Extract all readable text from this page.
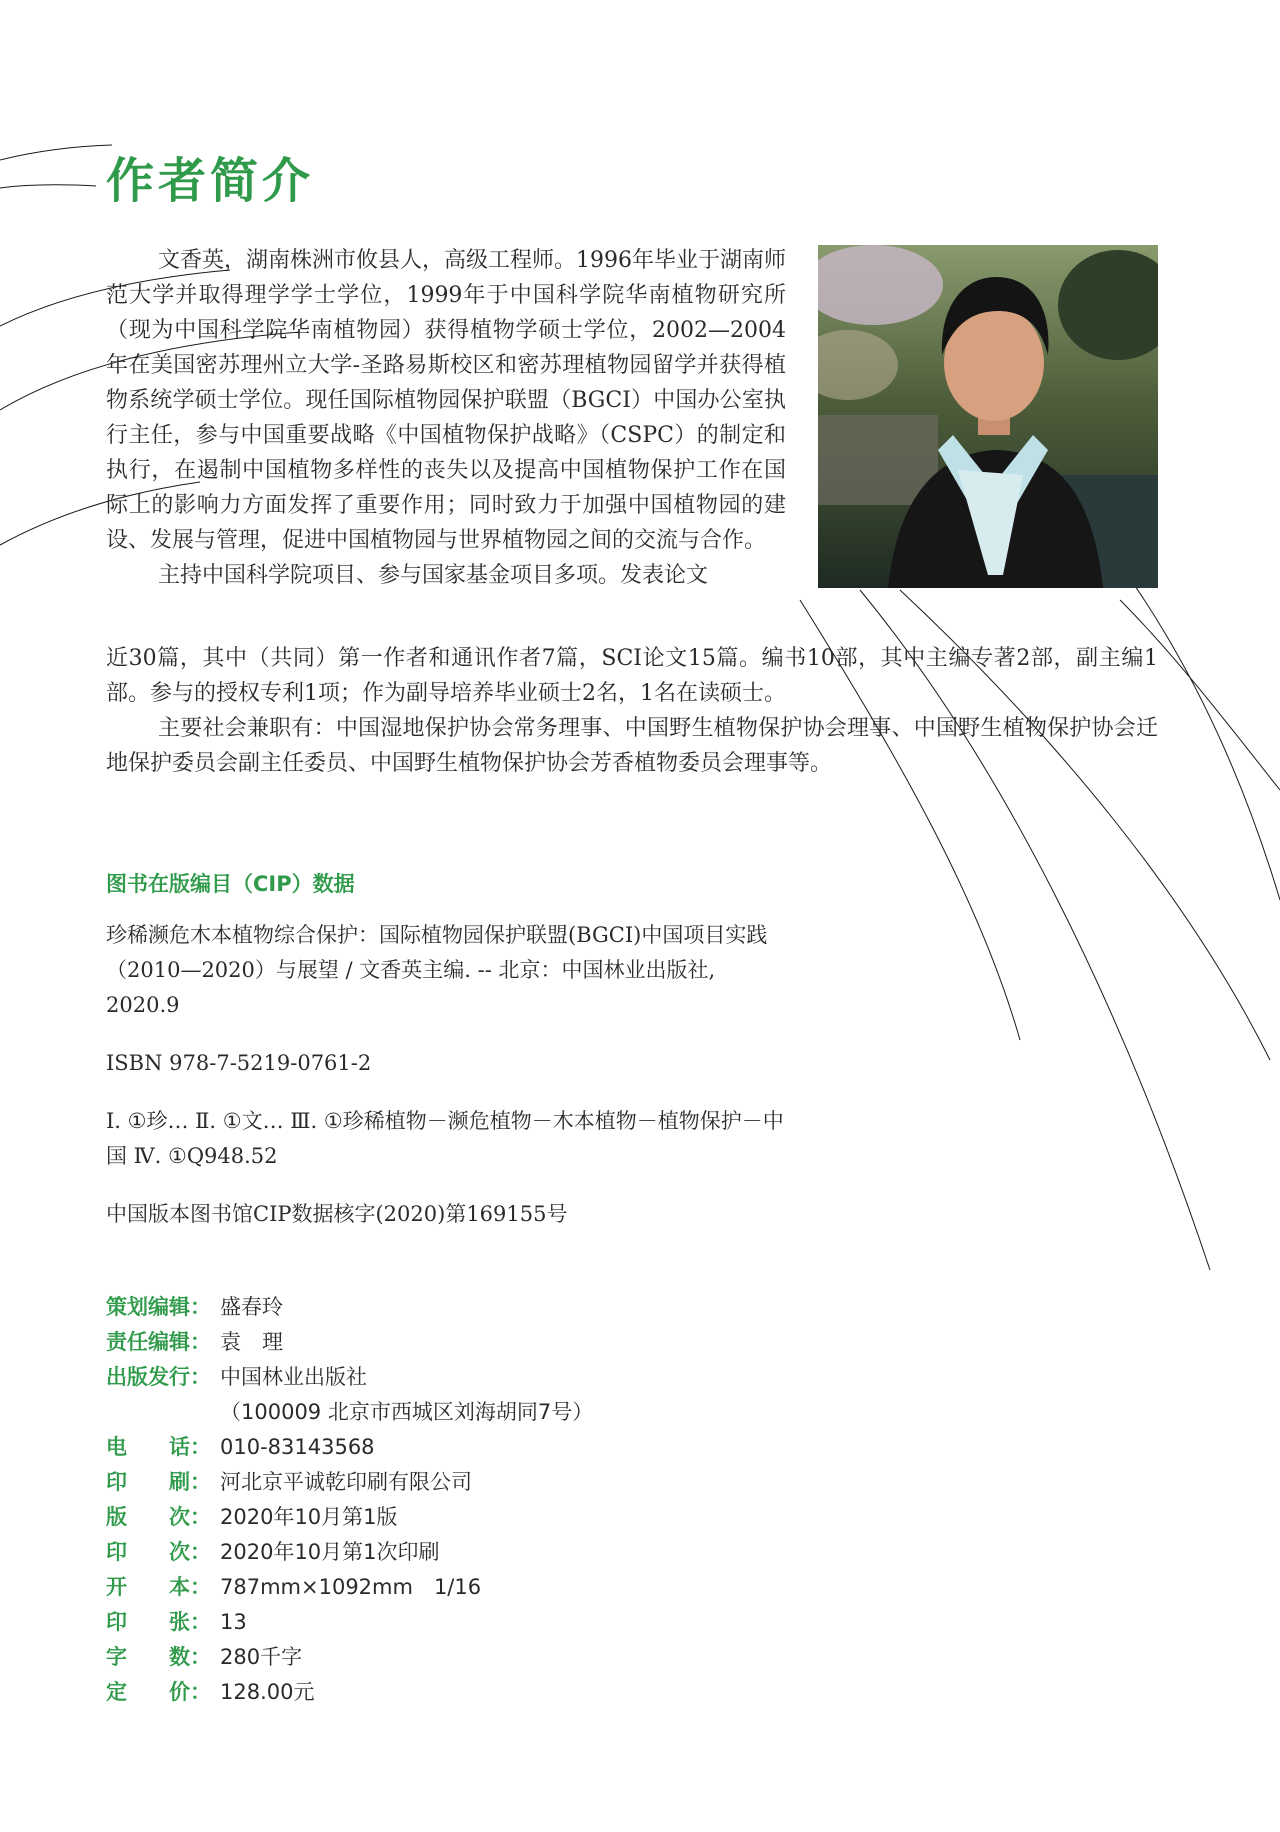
作者简介

文香英，湖南株洲市攸县人，高级工程师。1996年毕业于湖南师范大学并取得理学学士学位，1999年于中国科学院华南植物研究所（现为中国科学院华南植物园）获得植物学硕士学位，2002—2004年在美国密苏理州立大学-圣路易斯校区和密苏理植物园留学并获得植物系统学硕士学位。现任国际植物园保护联盟（BGCI）中国办公室执行主任，参与中国重要战略《中国植物保护战略》（CSPC）的制定和执行，在遏制中国植物多样性的丧失以及提高中国植物保护工作在国际上的影响力方面发挥了重要作用；同时致力于加强中国植物园的建设、发展与管理，促进中国植物园与世界植物园之间的交流与合作。

主持中国科学院项目、参与国家基金项目多项。发表论文

近30篇，其中（共同）第一作者和通讯作者7篇，SCI论文15篇。编书10部，其中主编专著2部，副主编1部。参与的授权专利1项；作为副导培养毕业硕士2名，1名在读硕士。

主要社会兼职有：中国湿地保护协会常务理事、中国野生植物保护协会理事、中国野生植物保护协会迁地保护委员会副主任委员、中国野生植物保护协会芳香植物委员会理事等。

图书在版编目（CIP）数据

珍稀濒危木本植物综合保护：国际植物园保护联盟(BGCI)中国项目实践（2010—2020）与展望 / 文香英主编. -- 北京：中国林业出版社, 2020.9

ISBN 978-7-5219-0761-2

Ⅰ. ①珍… Ⅱ. ①文… Ⅲ. ①珍稀植物－濒危植物－木本植物－植物保护－中国 Ⅳ. ①Q948.52

中国版本图书馆CIP数据核字(2020)第169155号

策划编辑： 盛春玲
责任编辑： 袁　理
出版发行： 中国林业出版社
（100009 北京市西城区刘海胡同7号）
电　　话： 010-83143568
印　　刷： 河北京平诚乾印刷有限公司
版　　次： 2020年10月第1版
印　　次： 2020年10月第1次印刷
开　　本： 787mm×1092mm　1/16
印　　张： 13
字　　数： 280千字
定　　价： 128.00元
